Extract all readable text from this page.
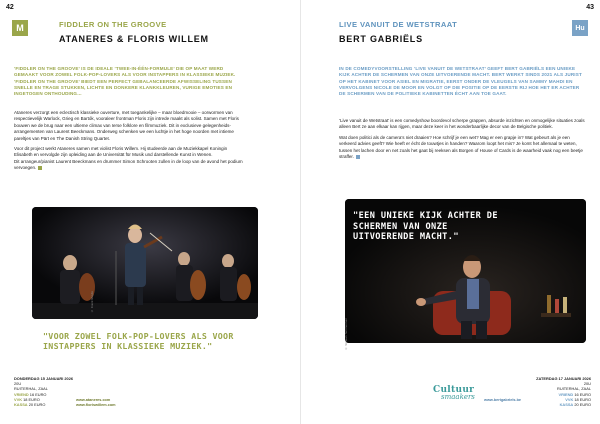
42
M	FIDDLER ON THE GROOVE
ATANERES & FLORIS WILLEM
‘FIDDLER ON THE GROOVE’ IS DE IDEALE ‘TWEE-IN-ÉÉN-FORMULE’ DIE OP MAAT WERD GEMAAKT VOOR ZOWEL FOLK-POP-LOVERS ALS VOOR INSTAPPERS IN KLASSIEKE MUZIEK. ‘FIDDLER ON THE GROOVE’ BIEDT EEN PERFECT GEBALANCEERDE AFWISSELING TUSSEN SNELLE EN TRAGE STUKKEN, LICHTE EN DONKERE KLANKKLEUREN, VURIGE EMOTIES EN INGETOGEN ONTHOUDING…

Ataneres verzorgt een eclectisch klassieke ouverture, met toegankelijke – maar bloedmooie – oorwormen van respectievelijk Warlock, Grieg en Bartók, vooraleer frontman Floris zijn intrede maakt als solist. Samen met Floris bouwen we de brug naar een ultieme climax van Ierse folklore en filmmuziek. Dit in exclusieve gelegenheids-arrangementen van Laurent Beeckmans. Onderweg schenken we een luchtje in het hoge noorden met intieme pareltjes van Pärt en The Danish String Quartet.

Voor dit project werkt Ataneres samen met violist Floris Willem. Hij studeerde aan de Muziekkapel Koningin Elisabeth en vervolgde zijn opleiding aan de Universität für Musik und darstellende Kunst in Wenen.
Dit arrangeur/pianist Laurent Beeckmans en drummer Simon Schrooten zullen in de loop van de avond het podium vervoegen.

© Frank Muylle
"VOOR ZOWEL FOLK-POP-LOVERS ALS VOOR INSTAPPERS IN KLASSIEKE MUZIEK."
DONDERDAG 15 JANUARI 2026
20U
RUITERHAL, ZAAL
VRIEND 16 EURO
VVK 18 EURO
KASSA 20 EURO
www.ataneres.com
www.floriswillem.com
43
Hu
LIVE VANUIT DE WETSTRAAT
BERT GABRIËLS
IN DE COMEDYVOORSTELLING ‘LIVE VANUIT DE WETSTRAAT’ GEEFT BERT GABRIËLS EEN UNIEKE KIJK ACHTER DE SCHERMEN VAN ONZE UITVOERENDE MACHT. BERT WERKT SINDS 2021 ALS JURIST OP HET KABINET VOOR ASIEL EN MIGRATIE, EERST ONDER DE VLEUGELS VAN SAMMY MAHDI EN VERVOLGENS NICOLE DE MOOR EN VOLGT OP DIE POSITIE OP DE EERSTE RIJ HOE HET ER ACHTER DE SCHERMEN VAN DE POLITIEKE KABINETTEN ÉCHT AAN TOE GAAT.

‘Live vanuit de Wetstraat’ is een comedyshow boordevol scherpe grappen, absurde inzichten en onmogelijke situaties zoals alleen Bert ze aan elkaar kan rijgen, maar deze keer in het wonderbaarlijke decor van de Belgische politiek.

Wat doen politici als de camera’s niet draaien? Hoe schrijf je een wet? Mag er een grapje in? Wat gebeurt als je een verkeerd advies geeft? Wie heeft er écht de touwtjes in handen? Waarom loopt het mis? Je komt het allemaal te weten, tussen het lachen door en net zoals het gaat bij reeksen als Borgen of House of Cards is de waarheid vaak nog een beetje straffer.

"EEN UNIEKE KIJK ACHTER DE SCHERMEN VAN ONZE UITVOERENDE MACHT."
© Stefaan Temmerman
Cultuur
smaakers www.bertgabriels.be
ZATERDAG 17 JANUARI 2026
20U
RUITERHAL, ZAAL
VRIEND 16 EURO
VVK 18 EURO
KASSA 20 EURO
